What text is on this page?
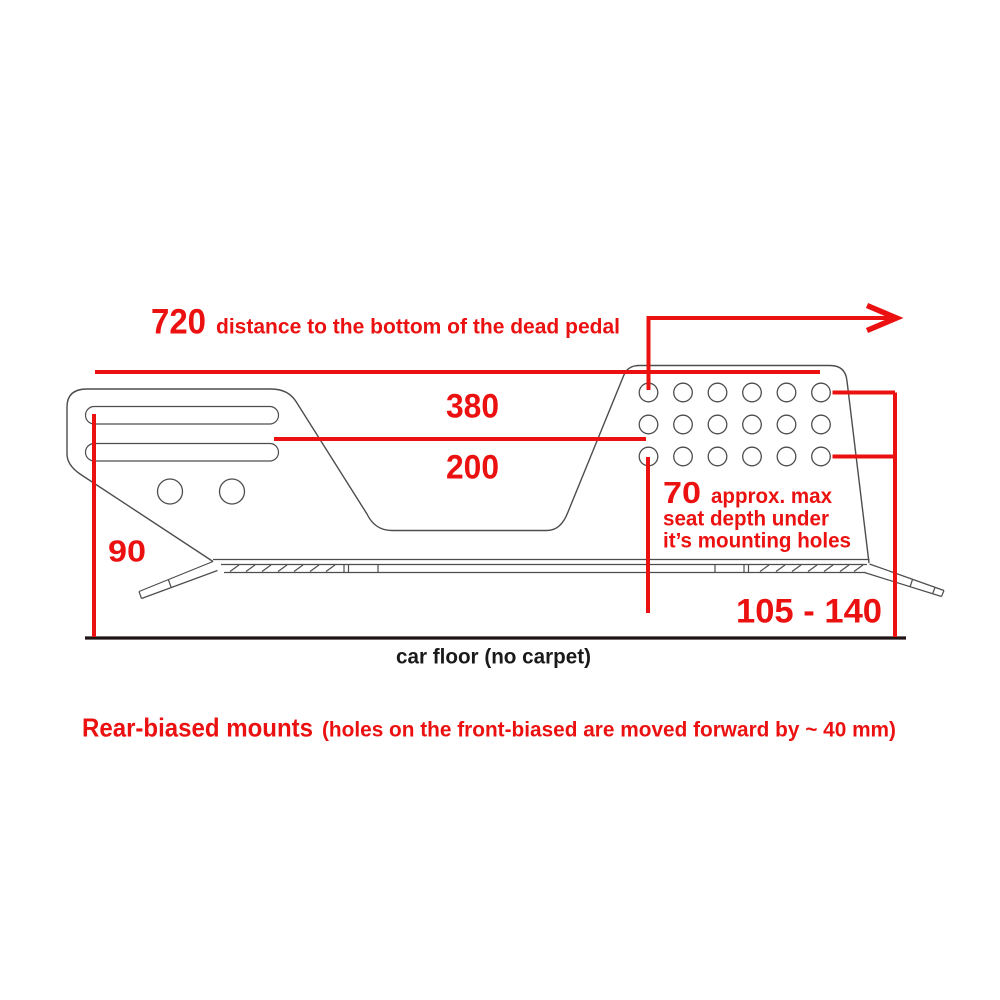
720 distance to the bottom of the dead pedal
380
200
90
70 approx. max
seat depth under
it’s mounting holes
105 - 140
car floor (no carpet)
Rear-biased mounts (holes on the front-biased are moved forward by ~ 40 mm)
